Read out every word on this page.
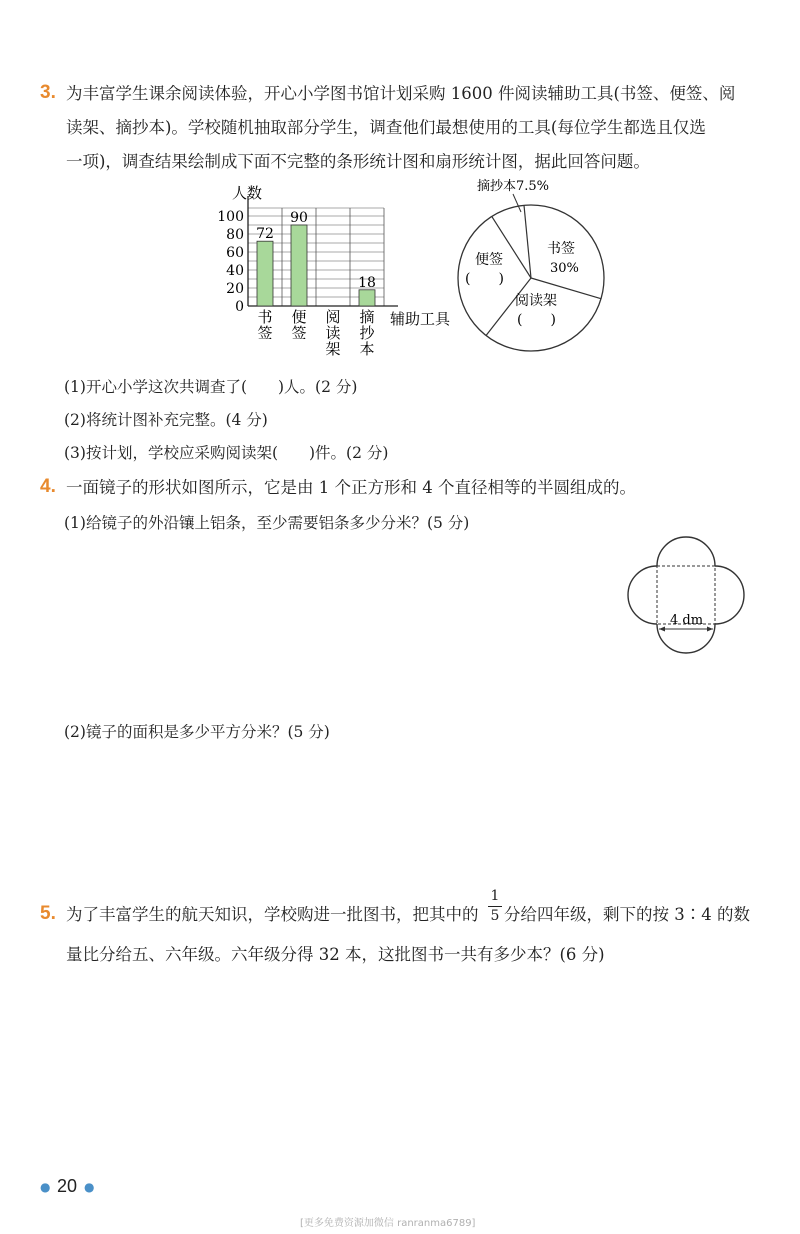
3. 为丰富学生课余阅读体验，开心小学图书馆计划采购 1600 件阅读辅助工具(书签、便签、阅
读架、摘抄本)。学校随机抽取部分学生，调查他们最想使用的工具(每位学生都选且仅选
一项)，调查结果绘制成下面不完整的条形统计图和扇形统计图，据此回答问题。
0
20
40
60
80
100
书
签
便
签
阅
读
架
摘
抄
本
72
90
18
人数
辅助工具
摘抄本7.5%
书签
30%
阅读架
(　　)
便签
(　　)
(1)开心小学这次共调查了(　　)人。(2 分)
(2)将统计图补充完整。(4 分)
(3)按计划，学校应采购阅读架(　　)件。(2 分)
4. 一面镜子的形状如图所示，它是由 1 个正方形和 4 个直径相等的半圆组成的。
(1)给镜子的外沿镶上铝条，至少需要铝条多少分米？(5 分)
4 dm
(2)镜子的面积是多少平方分米？(5 分)
5. 为了丰富学生的航天知识，学校购进一批图书，把其中的
1
5 分给四年级，剩下的按 3∶4 的数
量比分给五、六年级。六年级分得 32 本，这批图书一共有多少本？(6 分)
● 20 ●
[更多免费资源加微信 ranranma6789]
